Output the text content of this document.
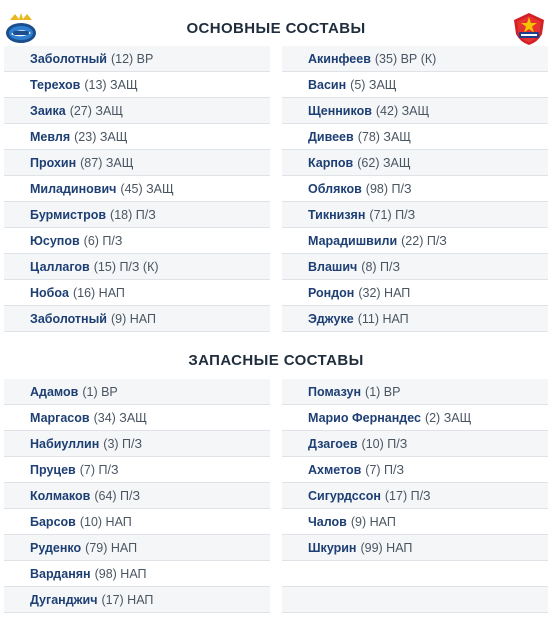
ОСНОВНЫЕ СОСТАВЫ
Заболотный (12) ВР
Терехов (13) ЗАЩ
Заика (27) ЗАЩ
Мевля (23) ЗАЩ
Прохин (87) ЗАЩ
Миладинович (45) ЗАЩ
Бурмистров (18) П/З
Юсупов (6) П/З
Цаллагов (15) П/З (К)
Нобоа (16) НАП
Заболотный (9) НАП
Акинфеев (35) ВР (К)
Васин (5) ЗАЩ
Щенников (42) ЗАЩ
Дивеев (78) ЗАЩ
Карпов (62) ЗАЩ
Обляков (98) П/З
Тикнизян (71) П/З
Марадишвили (22) П/З
Влашич (8) П/З
Рондон (32) НАП
Эджуке (11) НАП
ЗАПАСНЫЕ СОСТАВЫ
Адамов (1) ВР
Маргасов (34) ЗАЩ
Набиуллин (3) П/З
Пруцев (7) П/З
Колмаков (64) П/З
Барсов (10) НАП
Руденко (79) НАП
Варданян (98) НАП
Дуганджич (17) НАП
Помазун (1) ВР
Марио Фернандес (2) ЗАЩ
Дзагоев (10) П/З
Ахметов (7) П/З
Сигурдссон (17) П/З
Чалов (9) НАП
Шкурин (99) НАП
